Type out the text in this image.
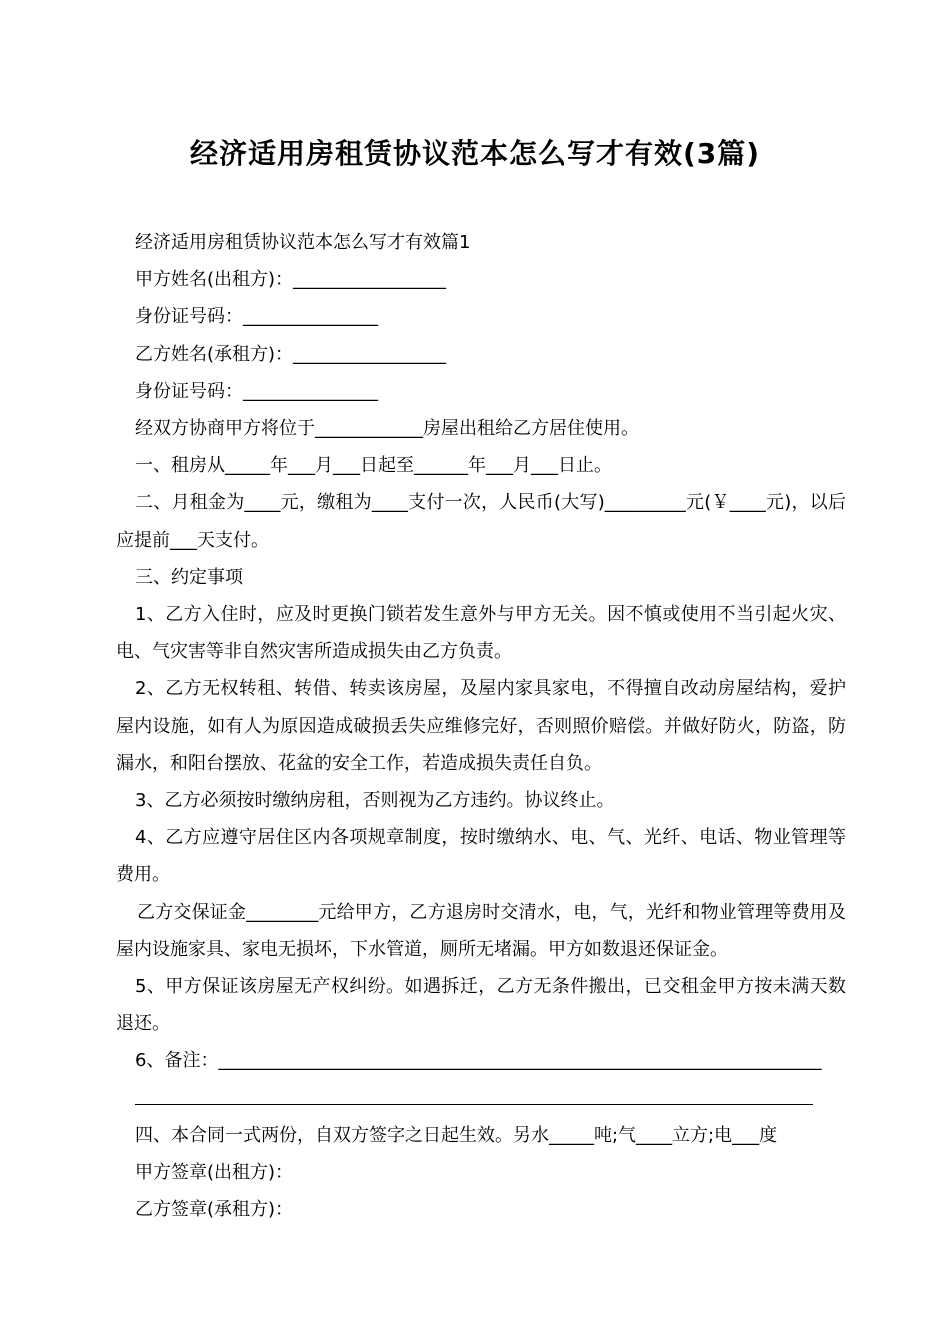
经济适用房租赁协议范本怎么写才有效(3篇)

经济适用房租赁协议范本怎么写才有效篇1

甲方姓名(出租方)：_________________

身份证号码：_______________

乙方姓名(承租方)：_________________

身份证号码：_______________

经双方协商甲方将位于____________房屋出租给乙方居住使用。

一、租房从_____年___月___日起至______年___月___日止。

二、月租金为____元，缴租为____支付一次，人民币(大写)_________元(￥____元)，以后应提前___天支付。

三、约定事项

1、乙方入住时，应及时更换门锁若发生意外与甲方无关。因不慎或使用不当引起火灾、电、气灾害等非自然灾害所造成损失由乙方负责。

2、乙方无权转租、转借、转卖该房屋，及屋内家具家电，不得擅自改动房屋结构，爱护屋内设施，如有人为原因造成破损丢失应维修完好，否则照价赔偿。并做好防火，防盗，防漏水，和阳台摆放、花盆的安全工作，若造成损失责任自负。

3、乙方必须按时缴纳房租，否则视为乙方违约。协议终止。

4、乙方应遵守居住区内各项规章制度，按时缴纳水、电、气、光纤、电话、物业管理等费用。

乙方交保证金________元给甲方，乙方退房时交清水，电，气，光纤和物业管理等费用及屋内设施家具、家电无损坏，下水管道，厕所无堵漏。甲方如数退还保证金。

5、甲方保证该房屋无产权纠纷。如遇拆迁，乙方无条件搬出，已交租金甲方按未满天数退还。

6、备注：___________________________________________________________________

四、本合同一式两份，自双方签字之日起生效。另水_____吨;气____立方;电___度

甲方签章(出租方)：

乙方签章(承租方)：
